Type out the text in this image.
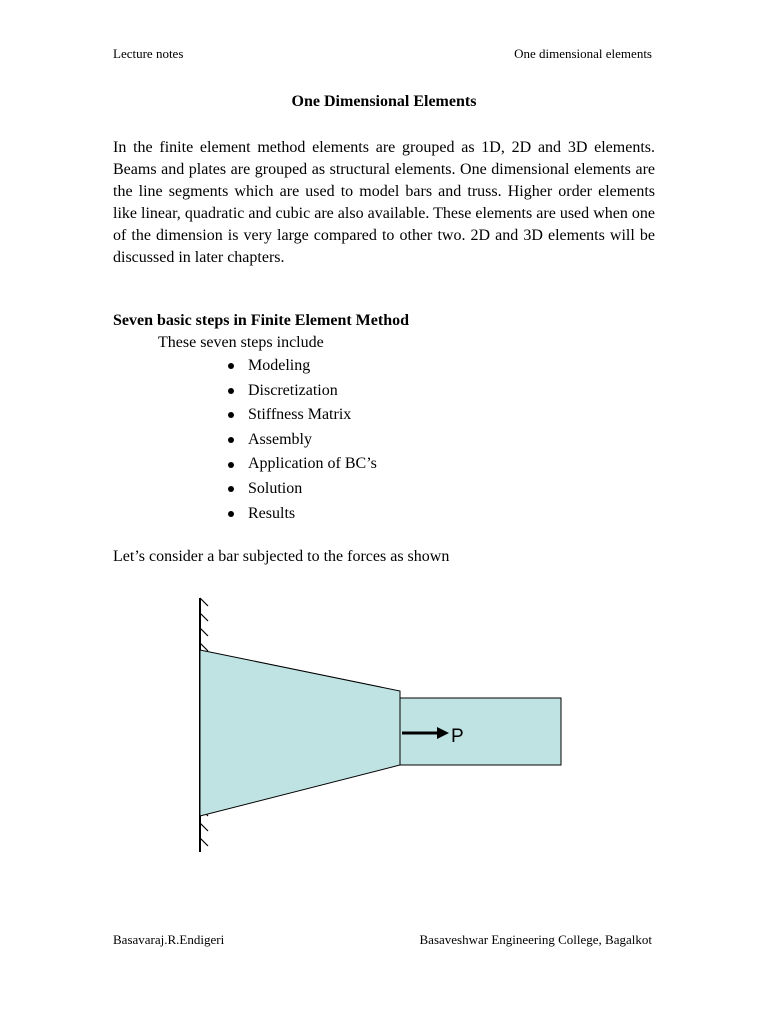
Lecture notes	One dimensional elements
One Dimensional Elements

In the finite element method elements are grouped as 1D, 2D and 3D elements. Beams and plates are grouped as structural elements. One dimensional elements are the line segments which are used to model bars and truss. Higher order elements like linear, quadratic and cubic are also available. These elements are used when one of the dimension is very large compared to other two. 2D and 3D elements will be discussed in later chapters.

Seven basic steps in Finite Element Method
These seven steps include
Modeling
Discretization
Stiffness Matrix
Assembly
Application of BC’s
Solution
Results
Let’s consider a bar subjected to the forces as shown
P
Basavaraj.R.Endigeri	Basaveshwar Engineering College, Bagalkot
